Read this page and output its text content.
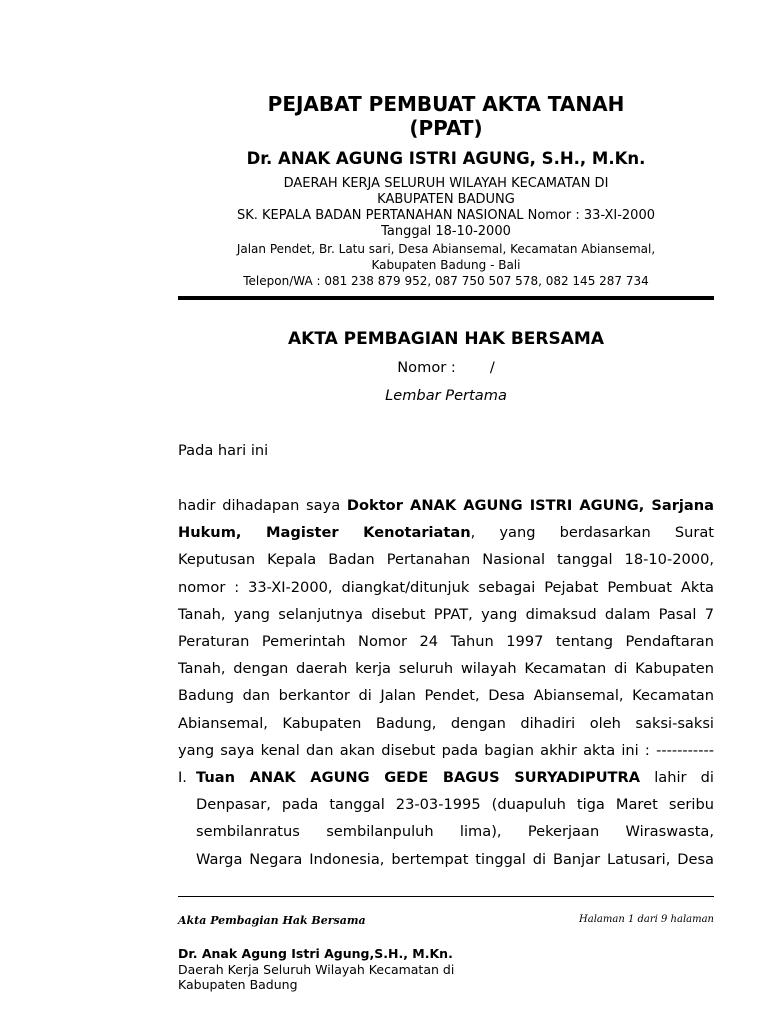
PEJABAT PEMBUAT AKTA TANAH
(PPAT)
Dr. ANAK AGUNG ISTRI AGUNG, S.H., M.Kn.
DAERAH KERJA SELURUH WILAYAH KECAMATAN DI
KABUPATEN BADUNG
SK. KEPALA BADAN PERTANAHAN NASIONAL Nomor : 33-XI-2000
Tanggal 18-10-2000
Jalan Pendet, Br. Latu sari, Desa Abiansemal, Kecamatan Abiansemal,
Kabupaten Badung - Bali
Telepon/WA : 081 238 879 952, 087 750 507 578, 082 145 287 734
AKTA PEMBAGIAN HAK BERSAMA
Nomor : /
Lembar Pertama
Pada hari ini
hadir dihadapan saya Doktor ANAK AGUNG ISTRI AGUNG, Sarjana
Hukum, Magister Kenotariatan, yang berdasarkan Surat
Keputusan Kepala Badan Pertanahan Nasional tanggal 18-10-2000,
nomor : 33-XI-2000, diangkat/ditunjuk sebagai Pejabat Pembuat Akta
Tanah, yang selanjutnya disebut PPAT, yang dimaksud dalam Pasal 7
Peraturan Pemerintah Nomor 24 Tahun 1997 tentang Pendaftaran
Tanah, dengan daerah kerja seluruh wilayah Kecamatan di Kabupaten
Badung dan berkantor di Jalan Pendet, Desa Abiansemal, Kecamatan
Abiansemal, Kabupaten Badung, dengan dihadiri oleh saksi-saksi
yang saya kenal dan akan disebut pada bagian akhir akta ini : -----------
I. Tuan ANAK AGUNG GEDE BAGUS SURYADIPUTRA lahir di
Denpasar, pada tanggal 23-03-1995 (duapuluh tiga Maret seribu
sembilanratus sembilanpuluh lima), Pekerjaan Wiraswasta,
Warga Negara Indonesia, bertempat tinggal di Banjar Latusari, Desa
Akta Pembagian Hak Bersama	Halaman 1 dari 9 halaman
Dr. Anak Agung Istri Agung,S.H., M.Kn.
Daerah Kerja Seluruh Wilayah Kecamatan di
Kabupaten Badung
